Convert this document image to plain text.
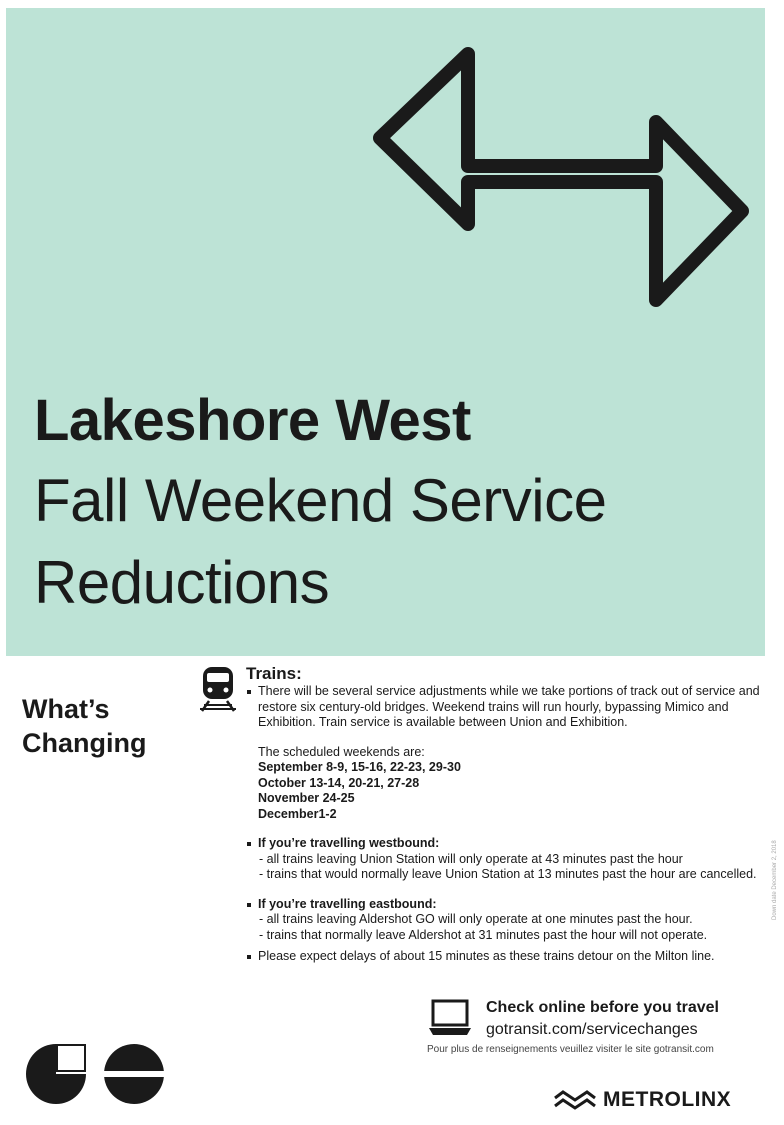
Lakeshore West
Fall Weekend Service
Reductions
What’s
Changing
Trains:
There will be several service adjustments while we take portions of track out of service and restore six century-old bridges. Weekend trains will run hourly, bypassing Mimico and Exhibition. Train service is available between Union and Exhibition.
The scheduled weekends are:
September 8-9, 15-16, 22-23, 29-30
October 13-14, 20-21, 27-28
November 24-25
December1-2
If you’re travelling westbound:
- all trains leaving Union Station will only operate at 43 minutes past the hour
- trains that would normally leave Union Station at 13 minutes past the hour are cancelled.
If you’re travelling eastbound:
- all trains leaving Aldershot GO will only operate at one minutes past the hour.
- trains that normally leave Aldershot at 31 minutes past the hour will not operate.
Please expect delays of about 15 minutes as these trains detour on the Milton line.
Check online before you travel
gotransit.com/servicechanges
Pour plus de renseignements veuillez visiter le site gotransit.com
Down date December 2, 2018
METROLINX
